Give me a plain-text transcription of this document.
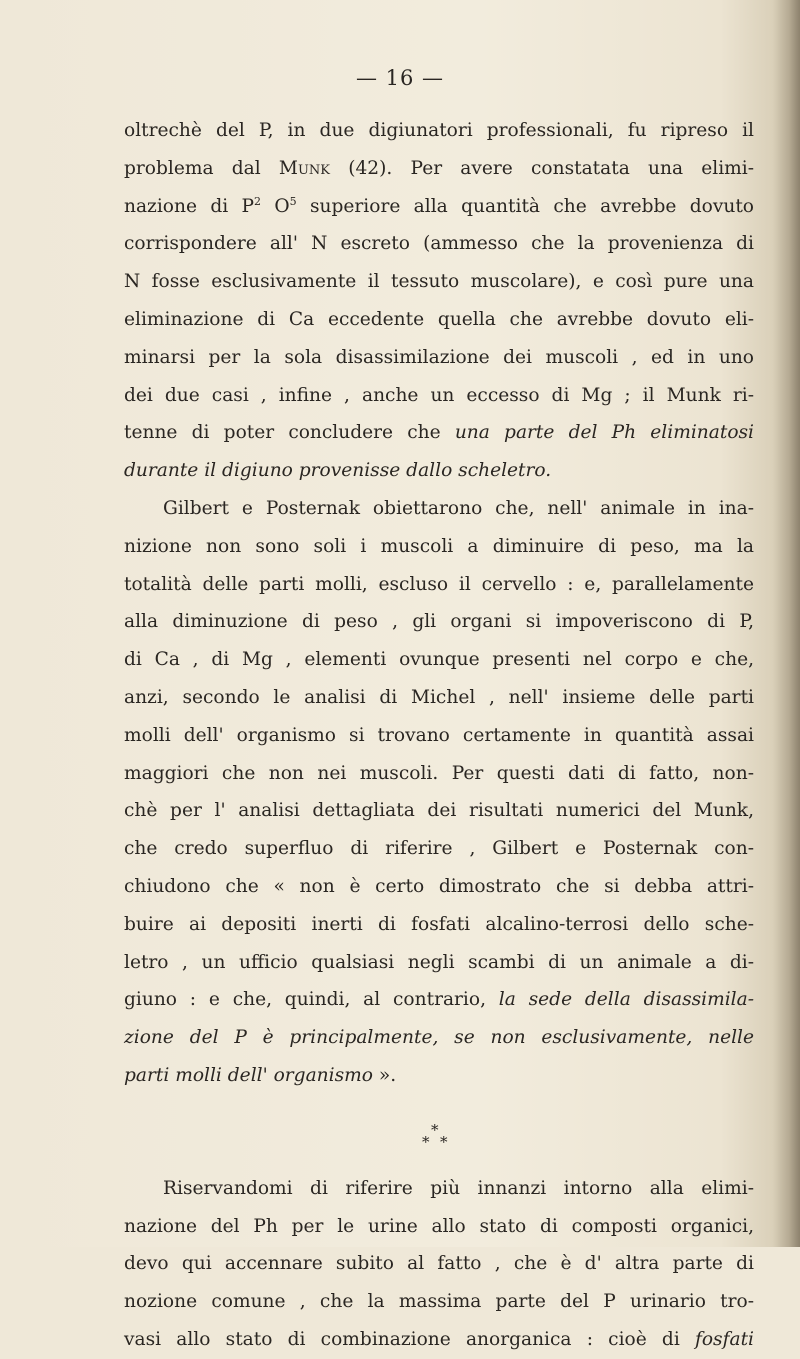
— 16 —
oltrechè del P, in due digiunatori professionali, fu ripreso il
problema dal Munk (42). Per avere constatata una elimi-
nazione di $P^2$ $O^5$ superiore alla quantità che avrebbe dovuto
corrispondere all' N escreto (ammesso che la provenienza di
N fosse esclusivamente il tessuto muscolare), e così pure una
eliminazione di Ca eccedente quella che avrebbe dovuto eli-
minarsi per la sola disassimilazione dei muscoli , ed in uno
dei due casi , infine , anche un eccesso di Mg ; il Munk ri-
tenne di poter concludere che una parte del Ph eliminatosi
durante il digiuno provenisse dallo scheletro.
Gilbert e Posternak obiettarono che, nell' animale in ina-
nizione non sono soli i muscoli a diminuire di peso, ma la
totalità delle parti molli, escluso il cervello : e, parallelamente
alla diminuzione di peso , gli organi si impoveriscono di P,
di Ca , di Mg , elementi ovunque presenti nel corpo e che,
anzi, secondo le analisi di Michel , nell' insieme delle parti
molli dell' organismo si trovano certamente in quantità assai
maggiori che non nei muscoli. Per questi dati di fatto, non-
chè per l' analisi dettagliata dei risultati numerici del Munk,
che credo superfluo di riferire , Gilbert e Posternak con-
chiudono che « non è certo dimostrato che si debba attri-
buire ai depositi inerti di fosfati alcalino-terrosi dello sche-
letro , un ufficio qualsiasi negli scambi di un animale a di-
giuno : e che, quindi, al contrario, la sede della disassimila-
zione del P è principalmente, se non esclusivamente, nelle
parti molli dell' organismo ».
*
* *
Riservandomi di riferire più innanzi intorno alla elimi-
nazione del Ph per le urine allo stato di composti organici,
devo qui accennare subito al fatto , che è d' altra parte di
nozione comune , che la massima parte del P urinario tro-
vasi allo stato di combinazione anorganica : cioè di fosfati
